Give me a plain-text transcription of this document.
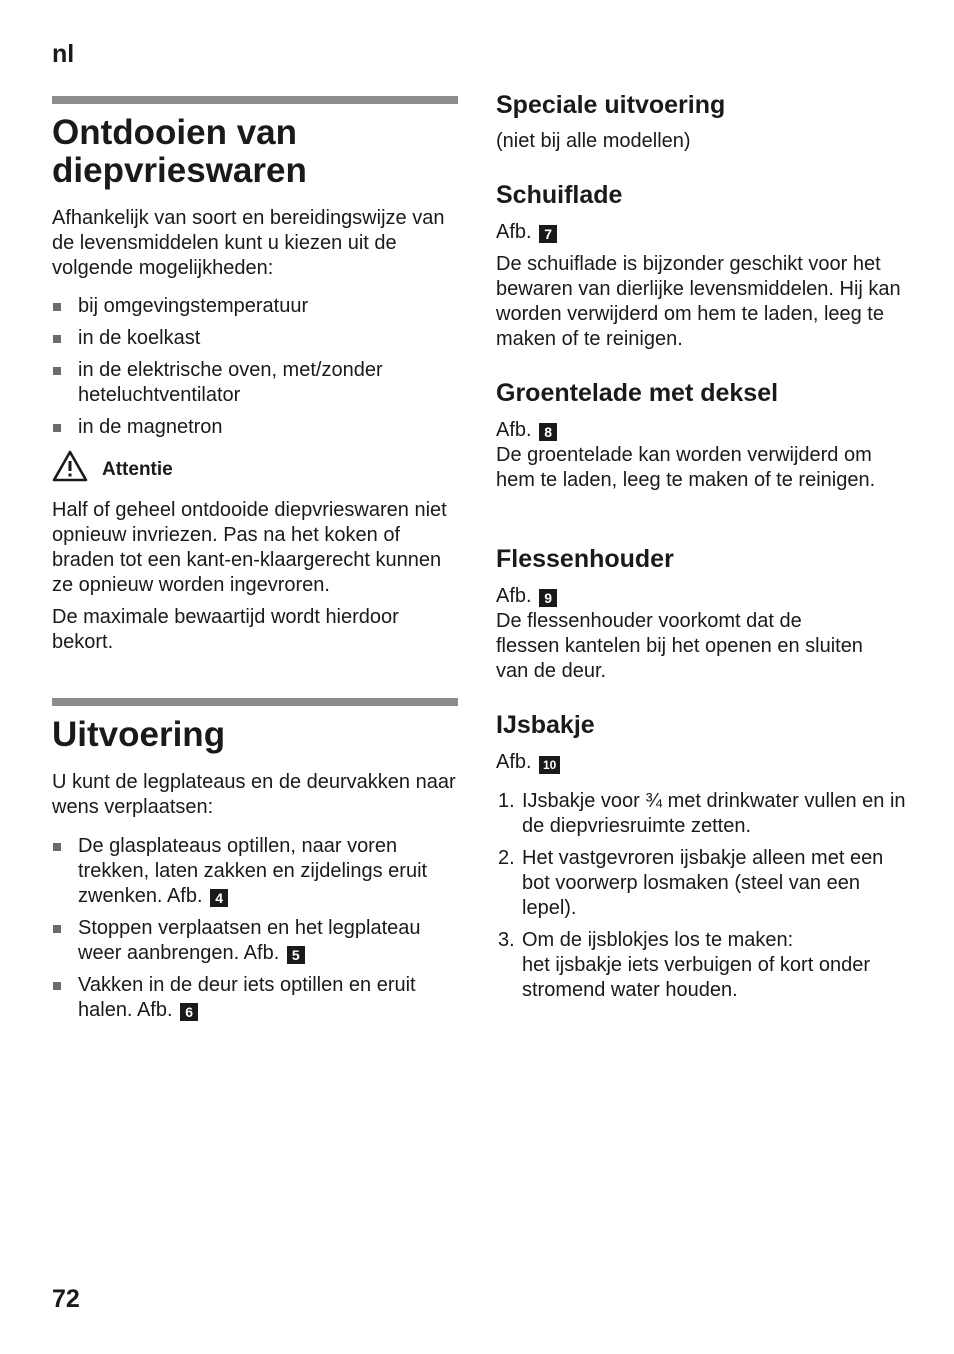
nl
Ontdooien van
diepvrieswaren

Afhankelijk van soort en bereidingswijze van de levensmiddelen kunt u kiezen uit de volgende mogelijkheden:

bij omgevingstemperatuur
in de koelkast
in de elektrische oven, met/zonder heteluchtventilator
in de magnetron
Attentie

Half of geheel ontdooide diepvrieswaren niet opnieuw invriezen. Pas na het koken of braden tot een kant-en-klaargerecht kunnen ze opnieuw worden ingevroren.

De maximale bewaartijd wordt hierdoor bekort.

Uitvoering

U kunt de legplateaus en de deurvakken naar wens verplaatsen:

De glasplateaus optillen, naar voren trekken, laten zakken en zijdelings eruit zwenken. Afb. 4
Stoppen verplaatsen en het legplateau weer aanbrengen. Afb. 5
Vakken in de deur iets optillen en eruit halen. Afb. 6
Speciale uitvoering

(niet bij alle modellen)

Schuiflade

Afb. 7

De schuiflade is bijzonder geschikt voor het bewaren van dierlijke levensmiddelen. Hij kan worden verwijderd om hem te laden, leeg te maken of te reinigen.

Groentelade met deksel

Afb. 8

De groentelade kan worden verwijderd om hem te laden, leeg te maken of te reinigen.

Flessenhouder

Afb. 9

De flessenhouder voorkomt dat de flessen kantelen bij het openen en sluiten van de deur.

IJsbakje

Afb. 10

1. IJsbakje voor ¾ met drinkwater vullen en in de diepvriesruimte zetten.
2. Het vastgevroren ijsbakje alleen met een bot voorwerp losmaken (steel van een lepel).
3. Om de ijsblokjes los te maken:
het ijsbakje iets verbuigen of kort onder stromend water houden.
72
